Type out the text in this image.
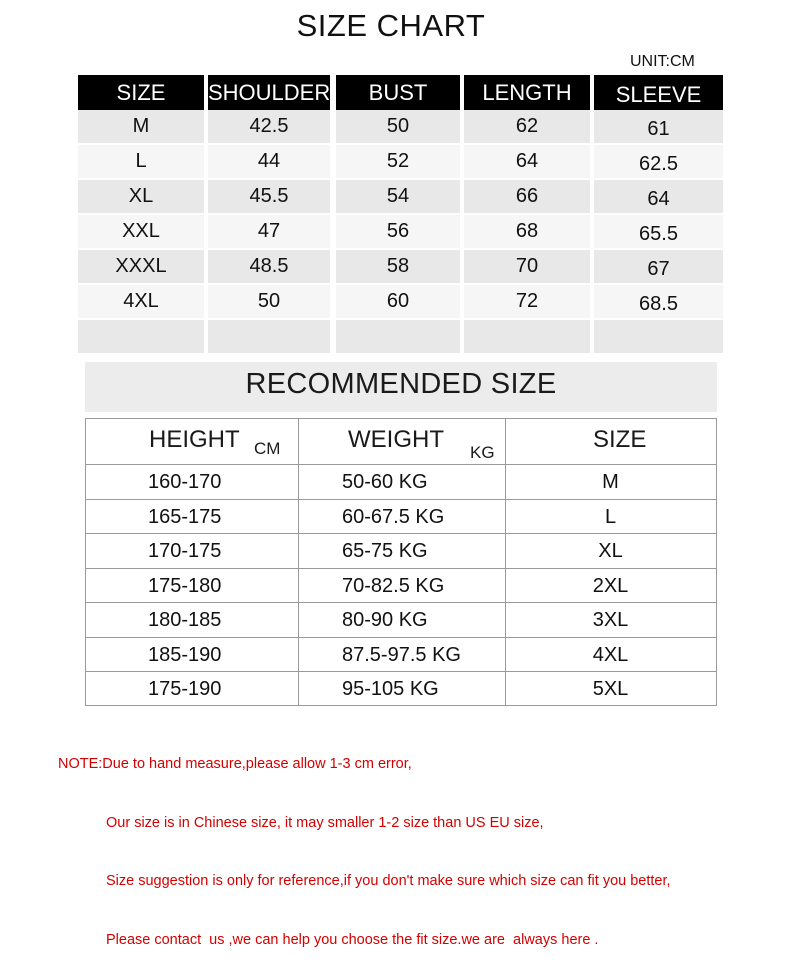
SIZE CHART
UNIT:CM
SIZE	SHOULDER	BUST	LENGTH	SLEEVE
M	42.5	50	62	61
L	44	52	64	62.5
XL	45.5	54	66	64
XXL	47	56	68	65.5
XXXL	48.5	58	70	67
4XL	50	60	72	68.5
RECOMMENDED SIZE
HEIGHT CM	WEIGHT KG	SIZE
160-170	50-60 KG	M
165-175	60-67.5 KG	L
170-175	65-75 KG	XL
175-180	70-82.5 KG	2XL
180-185	80-90 KG	3XL
185-190	87.5-97.5 KG	4XL
175-190	95-105 KG	5XL

NOTE:Due to hand measure,please allow 1-3 cm error,

Our size is in Chinese size, it may smaller 1-2 size than US EU size,

Size suggestion is only for reference,if you don't make sure which size can fit you better,

Please contact  us ,we can help you choose the fit size.we are  always here .
